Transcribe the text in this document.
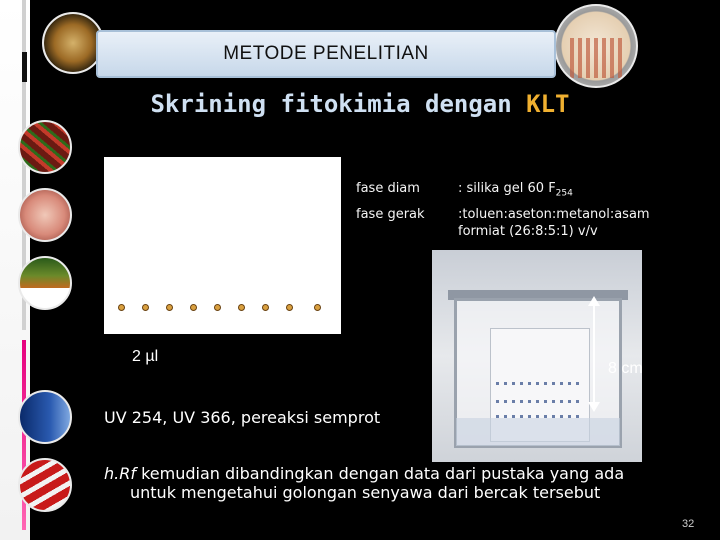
METODE PENELITIAN
Skrining fitokimia dengan KLT
2 µl
fase diam	: silika gel 60 $F_{254}$
fase gerak	:toluen:aseton:metanol:asam
formiat (26:8:5:1) v/v
8 cm
UV 254, UV 366, pereaksi semprot
h.Rf kemudian dibandingkan dengan data dari pustaka yang ada
untuk mengetahui golongan senyawa dari bercak tersebut
32
